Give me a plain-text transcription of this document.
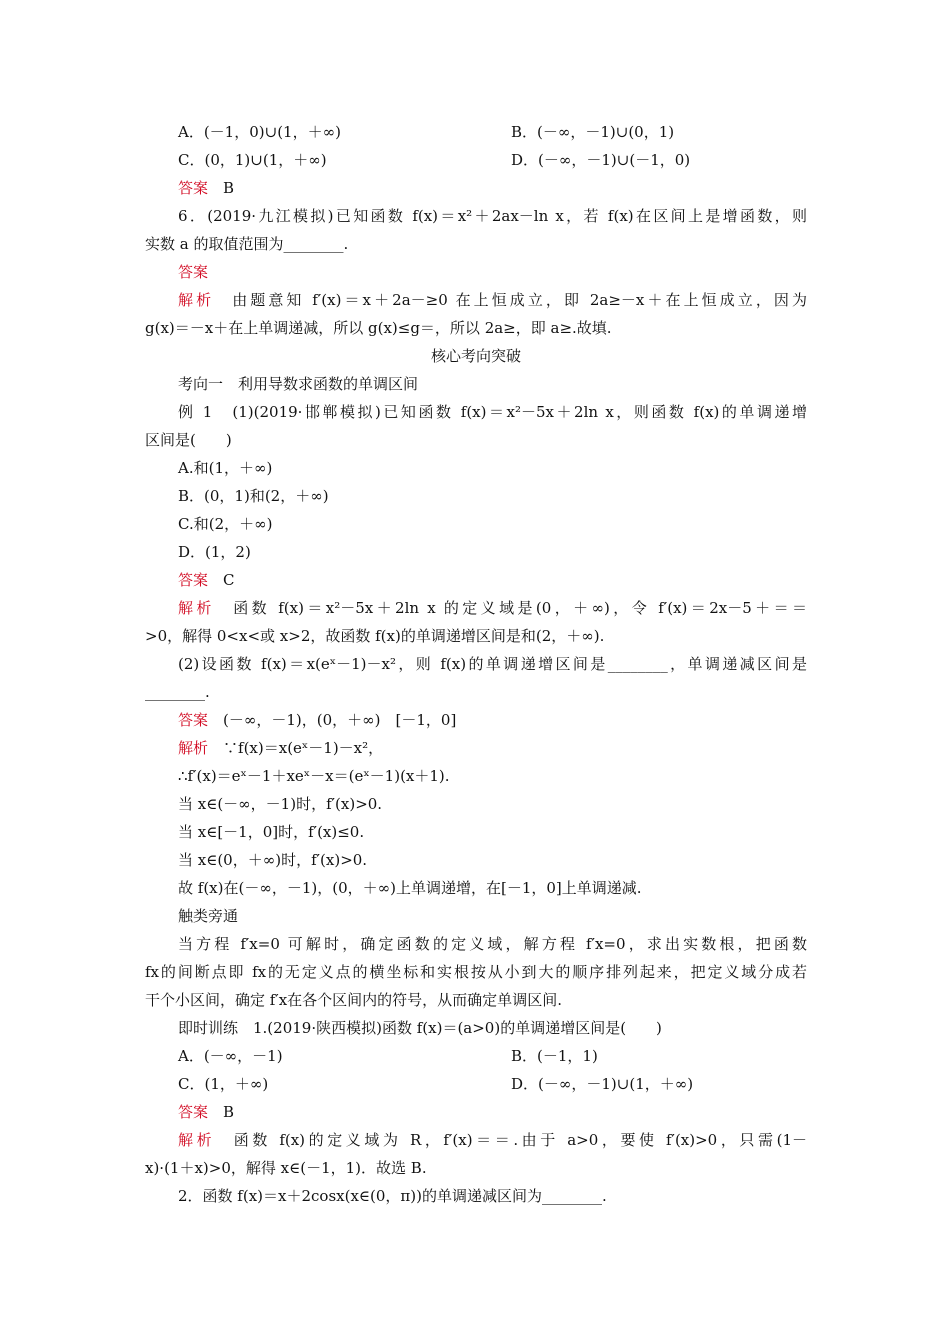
A．(－1，0)∪(1，＋∞)	B．(－∞，－1)∪(0，1)
C．(0，1)∪(1，＋∞)	D．(－∞，－1)∪(－1，0)
答案　B
6．(2019·九江模拟)已知函数 f(x)＝x²＋2ax－ln x，若 f(x)在区间上是增函数，则
实数 a 的取值范围为________.
答案
解析　由题意知 f′(x)＝x＋2a－≥0 在上恒成立，即 2a≥－x＋在上恒成立，因为
g(x)＝－x＋在上单调递减，所以 g(x)≤g＝，所以 2a≥，即 a≥.故填.
核心考向突破
考向一　利用导数求函数的单调区间
例 1　(1)(2019·邯郸模拟)已知函数 f(x)＝x²－5x＋2ln x，则函数 f(x)的单调递增
区间是(　　)
A.和(1，＋∞)
B．(0，1)和(2，＋∞)
C.和(2，＋∞)
D．(1，2)
答案　C
解析　函数 f(x)＝x²－5x＋2ln x 的定义域是(0，＋∞)，令 f′(x)＝2x－5＋＝＝
>0，解得 0<x<或 x>2，故函数 f(x)的单调递增区间是和(2，＋∞).
(2)设函数 f(x)＝x(eˣ－1)－x²，则 f(x)的单调递增区间是________，单调递减区间是
________.
答案　(－∞，－1)，(0，＋∞)　[－1，0]
解析　∵f(x)＝x(eˣ－1)－x²，
∴f′(x)＝eˣ－1＋xeˣ－x＝(eˣ－1)(x＋1).
当 x∈(－∞，－1)时，f′(x)>0.
当 x∈[－1，0]时，f′(x)≤0.
当 x∈(0，＋∞)时，f′(x)>0.
故 f(x)在(－∞，－1)，(0，＋∞)上单调递增，在[－1，0]上单调递减.
触类旁通
当方程 f′x=0 可解时，确定函数的定义域，解方程 f′x=0，求出实数根，把函数
fx的间断点即 fx的无定义点的横坐标和实根按从小到大的顺序排列起来，把定义域分成若
干个小区间，确定 f′x在各个区间内的符号，从而确定单调区间.
即时训练　1.(2019·陕西模拟)函数 f(x)＝(a>0)的单调递增区间是(　　)
A．(－∞，－1)	B．(－1，1)
C．(1，＋∞)	D．(－∞，－1)∪(1，＋∞)
答案　B
解析　函数 f(x)的定义域为 R，f′(x)＝＝.由于 a>0，要使 f′(x)>0，只需(1－
x)·(1＋x)>0，解得 x∈(－1，1)．故选 B.
2．函数 f(x)＝x＋2cosx(x∈(0，π))的单调递减区间为________.
